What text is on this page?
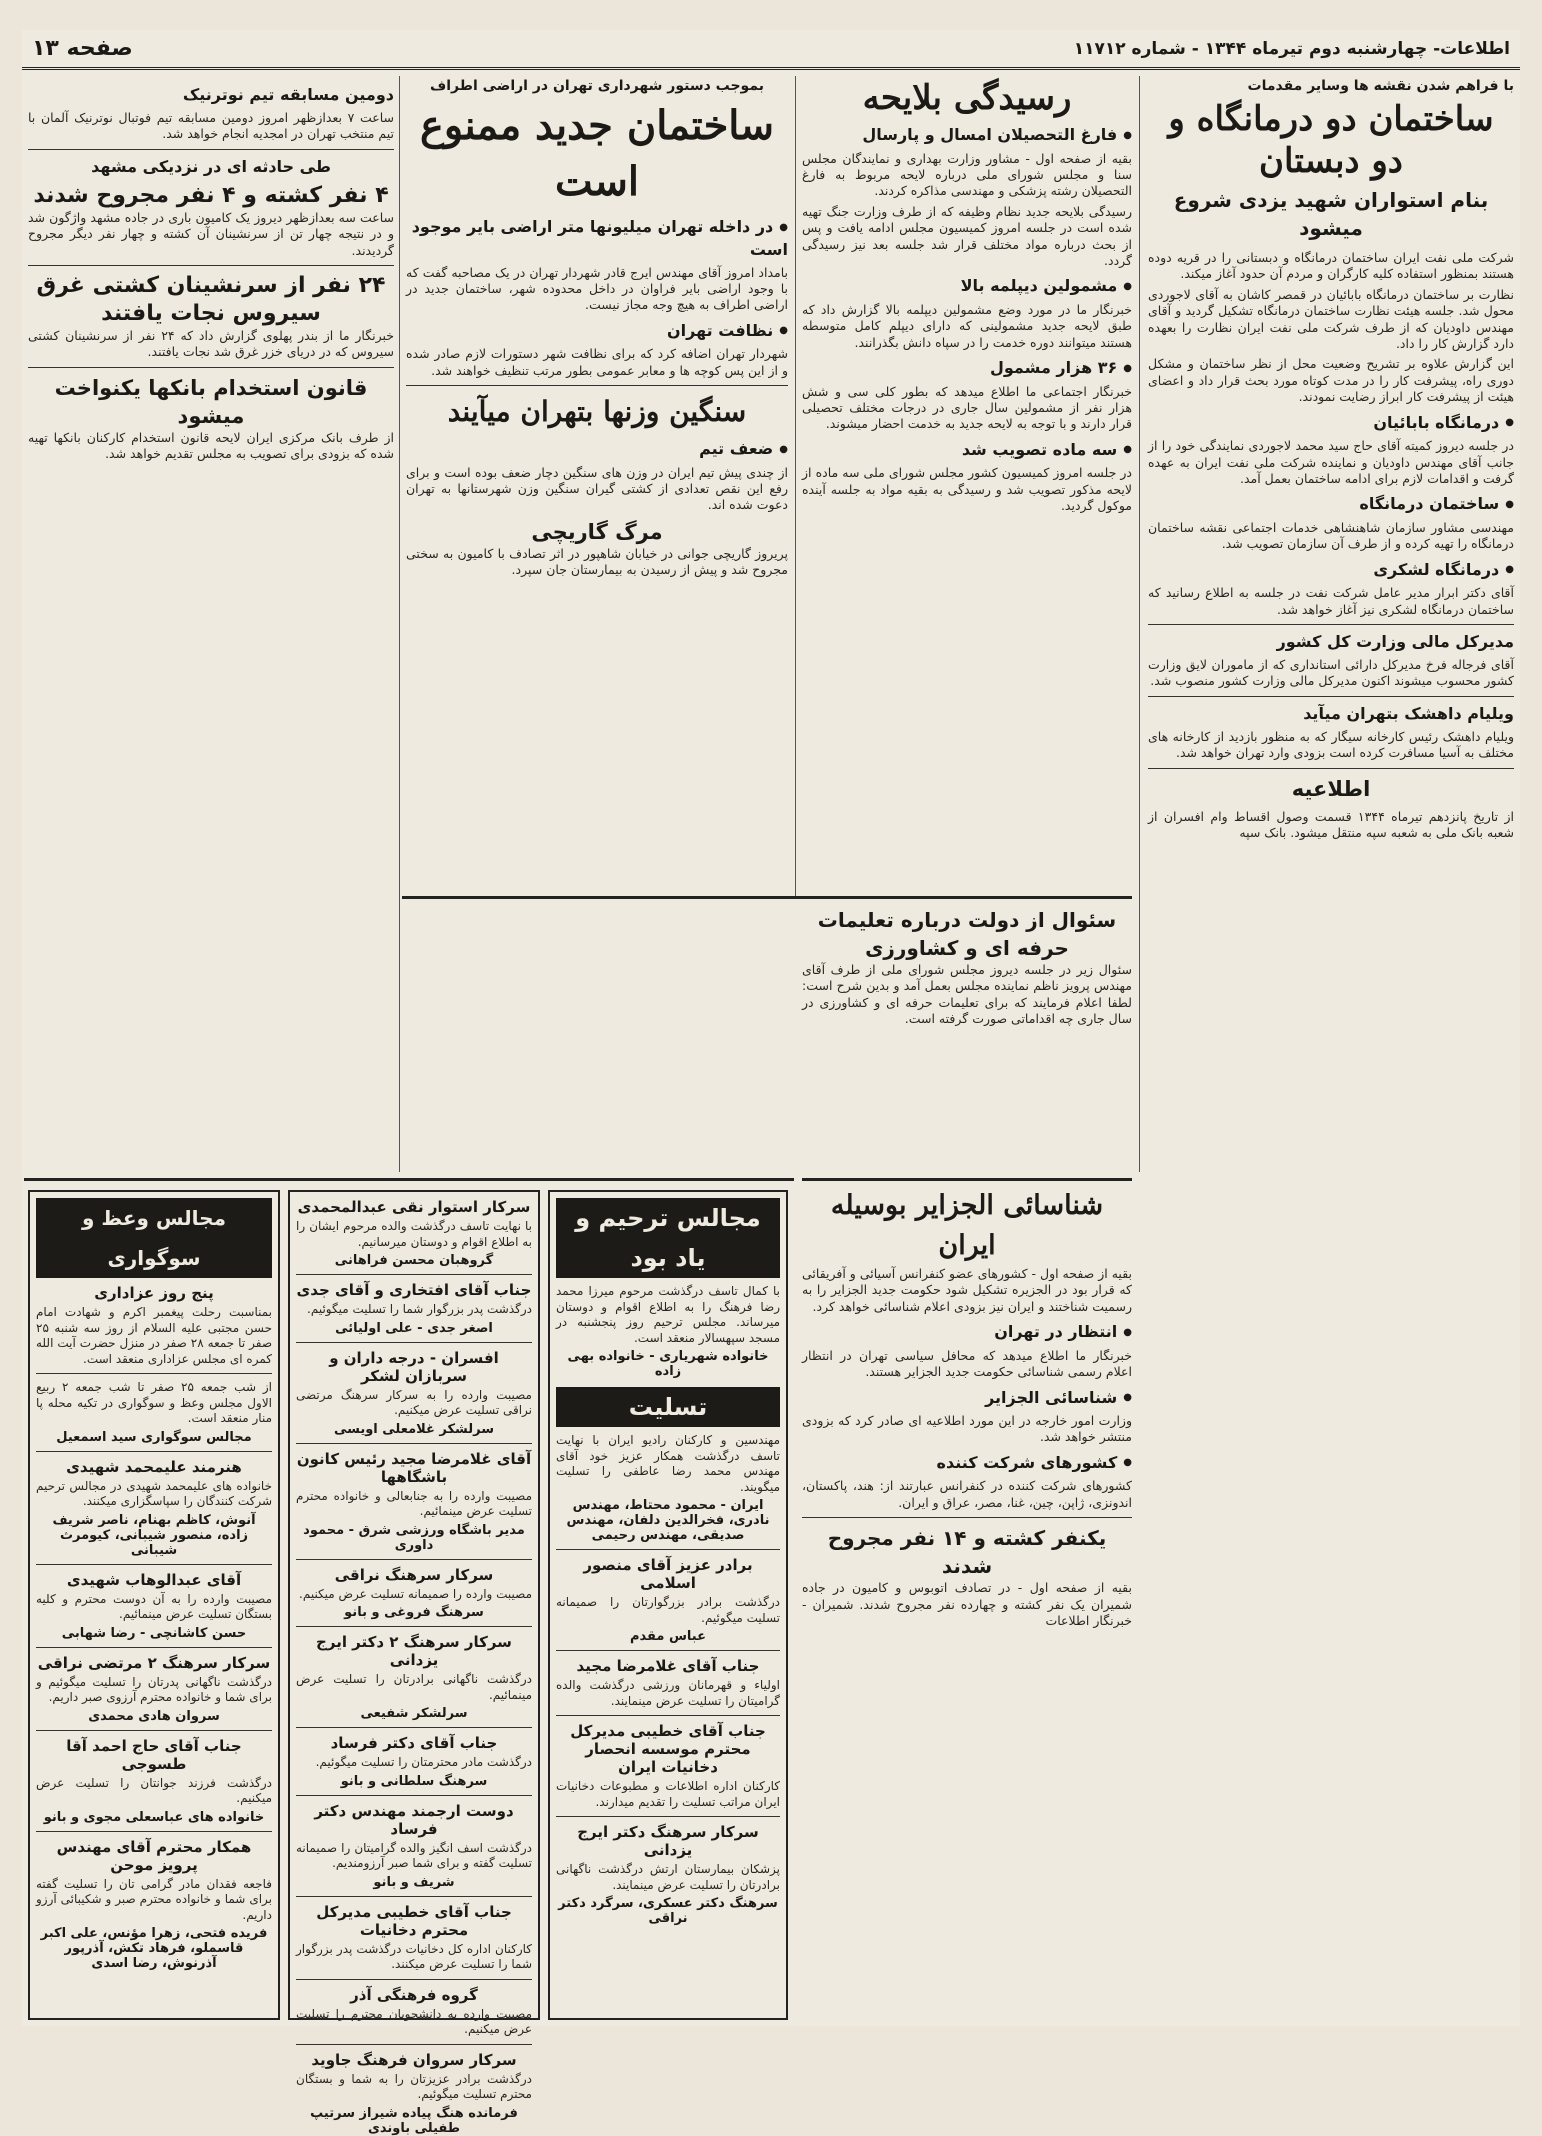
اطلاعات- چهارشنبه دوم تیرماه ۱۳۴۴ - شماره ۱۱۷۱۲
صفحه ۱۳
با فراهم شدن نقشه ها وسایر مقدمات
ساختمان دو درمانگاه و دو دبستان
بنام استواران شهید یزدی شروع میشود

شرکت ملی نفت ایران ساختمان درمانگاه و دبستانی را در قریه دوده هستند بمنظور استفاده کلیه کارگران و مردم آن حدود آغاز میکند.

نظارت بر ساختمان درمانگاه بابائیان در قمصر کاشان به آقای لاجوردی محول شد. جلسه هیئت نظارت ساختمان درمانگاه تشکیل گردید و آقای مهندس داودیان که از طرف شرکت ملی نفت ایران نظارت را بعهده دارد گزارش کار را داد.

این گزارش علاوه بر تشریح وضعیت محل از نظر ساختمان و مشکل دوری راه، پیشرفت کار را در مدت کوتاه مورد بحث قرار داد و اعضای هیئت از پیشرفت کار ابراز رضایت نمودند.

● درمانگاه بابائیان

در جلسه دیروز کمیته آقای حاج سید محمد لاجوردی نمایندگی خود را از جانب آقای مهندس داودیان و نماینده شرکت ملی نفت ایران به عهده گرفت و اقدامات لازم برای ادامه ساختمان بعمل آمد.

● ساختمان درمانگاه

مهندسی مشاور سازمان شاهنشاهی خدمات اجتماعی نقشه ساختمان درمانگاه را تهیه کرده و از طرف آن سازمان تصویب شد.

● درمانگاه لشکری

آقای دکتر ابرار مدیر عامل شرکت نفت در جلسه به اطلاع رسانید که ساختمان درمانگاه لشکری نیز آغاز خواهد شد.

مدیرکل مالی وزارت کل کشور

آقای فرجاله فرخ مدیرکل دارائی استانداری که از ماموران لایق وزارت کشور محسوب میشوند اکنون مدیرکل مالی وزارت کشور منصوب شد.

ویلیام داهشک بتهران میآید

ویلیام داهشک رئیس کارخانه سیگار که به منظور بازدید از کارخانه های مختلف به آسیا مسافرت کرده است بزودی وارد تهران خواهد شد.

اطلاعیه

از تاریخ پانزدهم تیرماه ۱۳۴۴ قسمت وصول اقساط وام افسران از شعبه بانک ملی به شعبه سپه منتقل میشود. بانک سپه

رسیدگی بلایحه
● فارغ التحصیلان امسال و پارسال

بقیه از صفحه اول - مشاور وزارت بهداری و نمایندگان مجلس سنا و مجلس شورای ملی درباره لایحه مربوط به فارغ التحصیلان رشته پزشکی و مهندسی مذاکره کردند.

رسیدگی بلایحه جدید نظام وظیفه که از طرف وزارت جنگ تهیه شده است در جلسه امروز کمیسیون مجلس ادامه یافت و پس از بحث درباره مواد مختلف قرار شد جلسه بعد نیز رسیدگی گردد.

● مشمولین دیپلمه بالا

خبرنگار ما در مورد وضع مشمولین دیپلمه بالا گزارش داد که طبق لایحه جدید مشمولینی که دارای دیپلم کامل متوسطه هستند میتوانند دوره خدمت را در سپاه دانش بگذرانند.

● ۳۶ هزار مشمول

خبرنگار اجتماعی ما اطلاع میدهد که بطور کلی سی و شش هزار نفر از مشمولین سال جاری در درجات مختلف تحصیلی قرار دارند و با توجه به لایحه جدید به خدمت احضار میشوند.

● سه ماده تصویب شد

در جلسه امروز کمیسیون کشور مجلس شورای ملی سه ماده از لایحه مذکور تصویب شد و رسیدگی به بقیه مواد به جلسه آینده موکول گردید.

بموجب دستور شهرداری تهران در اراضی اطراف
ساختمان جدید ممنوع است
● در داخله تهران میلیونها متر اراضی بایر موجود است

بامداد امروز آقای مهندس ایرج قادر شهردار تهران در یک مصاحبه گفت که با وجود اراضی بایر فراوان در داخل محدوده شهر، ساختمان جدید در اراضی اطراف به هیچ وجه مجاز نیست.

● نظافت تهران

شهردار تهران اضافه کرد که برای نظافت شهر دستورات لازم صادر شده و از این پس کوچه ها و معابر عمومی بطور مرتب تنظیف خواهند شد.

سنگین وزنها بتهران میآیند
● ضعف تیم

از چندی پیش تیم ایران در وزن های سنگین دچار ضعف بوده است و برای رفع این نقص تعدادی از کشتی گیران سنگین وزن شهرستانها به تهران دعوت شده اند.

مرگ گاریچی

پریروز گاریچی جوانی در خیابان شاهپور در اثر تصادف با کامیون به سختی مجروح شد و پیش از رسیدن به بیمارستان جان سپرد.

دومین مسابقه تیم نوترنیک

ساعت ۷ بعدازظهر امروز دومین مسابقه تیم فوتبال نوترنیک آلمان با تیم منتخب تهران در امجدیه انجام خواهد شد.

طی حادثه ای در نزدیکی مشهد
۴ نفر کشته و ۴ نفر مجروح شدند

ساعت سه بعدازظهر دیروز یک کامیون باری در جاده مشهد واژگون شد و در نتیجه چهار تن از سرنشینان آن کشته و چهار نفر دیگر مجروح گردیدند.

۲۴ نفر از سرنشینان کشتی غرق سیروس نجات یافتند

خبرنگار ما از بندر پهلوی گزارش داد که ۲۴ نفر از سرنشینان کشتی سیروس که در دریای خزر غرق شد نجات یافتند.

قانون استخدام بانکها یکنواخت میشود

از طرف بانک مرکزی ایران لایحه قانون استخدام کارکنان بانکها تهیه شده که بزودی برای تصویب به مجلس تقدیم خواهد شد.

سئوال از دولت درباره تعلیمات حرفه ای و کشاورزی

سئوال زیر در جلسه دیروز مجلس شورای ملی از طرف آقای مهندس پرویز ناظم نماینده مجلس بعمل آمد و بدین شرح است: لطفا اعلام فرمایند که برای تعلیمات حرفه ای و کشاورزی در سال جاری چه اقداماتی صورت گرفته است.

شناسائی الجزایر بوسیله ایران

بقیه از صفحه اول - کشورهای عضو کنفرانس آسیائی و آفریقائی که قرار بود در الجزیره تشکیل شود حکومت جدید الجزایر را به رسمیت شناختند و ایران نیز بزودی اعلام شناسائی خواهد کرد.

● انتظار در تهران

خبرنگار ما اطلاع میدهد که محافل سیاسی تهران در انتظار اعلام رسمی شناسائی حکومت جدید الجزایر هستند.

● شناسائی الجزایر

وزارت امور خارجه در این مورد اطلاعیه ای صادر کرد که بزودی منتشر خواهد شد.

● کشورهای شرکت کننده

کشورهای شرکت کننده در کنفرانس عبارتند از: هند، پاکستان، اندونزی، ژاپن، چین، غنا، مصر، عراق و ایران.

یکنفر کشته و ۱۴ نفر مجروح شدند

بقیه از صفحه اول - در تصادف اتوبوس و کامیون در جاده شمیران یک نفر کشته و چهارده نفر مجروح شدند. شمیران - خبرنگار اطلاعات

مجالس ترحیم و یاد بود
با کمال تاسف درگذشت مرحوم میرزا محمد رضا فرهنگ را به اطلاع اقوام و دوستان میرساند. مجلس ترحیم روز پنجشنبه در مسجد سپهسالار منعقد است.
خانواده شهریاری - خانواده بهی زاده
تسلیت
مهندسین و کارکنان رادیو ایران با نهایت تاسف درگذشت همکار عزیز خود آقای مهندس محمد رضا عاطفی را تسلیت میگویند.
ایران - محمود محتاط، مهندس نادری، فخرالدین دلفان، مهندس صدیقی، مهندس رحیمی
برادر عزیز آقای منصور اسلامی
درگذشت برادر بزرگوارتان را صمیمانه تسلیت میگوئیم.
عباس مقدم
جناب آقای غلامرضا مجید
اولیاء و قهرمانان ورزشی درگذشت والده گرامیتان را تسلیت عرض مینمایند.
جناب آقای خطیبی مدیرکل محترم موسسه انحصار دخانیات ایران
کارکنان اداره اطلاعات و مطبوعات دخانیات ایران مراتب تسلیت را تقدیم میدارند.
سرکار سرهنگ دکتر ایرج یزدانی
پزشکان بیمارستان ارتش درگذشت ناگهانی برادرتان را تسلیت عرض مینمایند.
سرهنگ دکتر عسکری، سرگرد دکتر نراقی
سرکار استوار نقی عبدالمحمدی
با نهایت تاسف درگذشت والده مرحوم ایشان را به اطلاع اقوام و دوستان میرسانیم.
گروهبان محسن فراهانی
جناب آقای افتخاری و آقای جدی
درگذشت پدر بزرگوار شما را تسلیت میگوئیم.
اصغر جدی - علی اولیائی
افسران - درجه داران و سربازان لشکر
مصیبت وارده را به سرکار سرهنگ مرتضی نراقی تسلیت عرض میکنیم.
سرلشکر غلامعلی اویسی
آقای غلامرضا مجید رئیس کانون باشگاهها
مصیبت وارده را به جنابعالی و خانواده محترم تسلیت عرض مینمائیم.
مدیر باشگاه ورزشی شرق - محمود داوری
سرکار سرهنگ نراقی
مصیبت وارده را صمیمانه تسلیت عرض میکنیم.
سرهنگ فروغی و بانو
سرکار سرهنگ ۲ دکتر ایرج یزدانی
درگذشت ناگهانی برادرتان را تسلیت عرض مینمائیم.
سرلشکر شفیعی
جناب آقای دکتر فرساد
درگذشت مادر محترمتان را تسلیت میگوئیم.
سرهنگ سلطانی و بانو
دوست ارجمند مهندس دکتر فرساد
درگذشت اسف انگیز والده گرامیتان را صمیمانه تسلیت گفته و برای شما صبر آرزومندیم.
شریف و بانو
جناب آقای خطیبی مدیرکل محترم دخانیات
کارکنان اداره کل دخانیات درگذشت پدر بزرگوار شما را تسلیت عرض میکنند.
گروه فرهنگی آذر
مصیبت وارده به دانشجویان محترم را تسلیت عرض میکنیم.
سرکار سروان فرهنگ جاوید
درگذشت برادر عزیزتان را به شما و بستگان محترم تسلیت میگوئیم.
فرمانده هنگ پیاده شیراز سرتیپ طفیلی باوندی
مجالس وعظ و سوگواری
پنج روز عزاداری
بمناسبت رحلت پیغمبر اکرم و شهادت امام حسن مجتبی علیه السلام از روز سه شنبه ۲۵ صفر تا جمعه ۲۸ صفر در منزل حضرت آیت الله کمره ای مجلس عزاداری منعقد است.
از شب جمعه ۲۵ صفر تا شب جمعه ۲ ربیع الاول مجلس وعظ و سوگواری در تکیه محله پا منار منعقد است.
مجالس سوگواری سید اسمعیل
هنرمند علیمحمد شهیدی
خانواده های علیمحمد شهیدی در مجالس ترحیم شرکت کنندگان را سپاسگزاری میکنند.
آنوش، کاظم بهنام، ناصر شریف زاده، منصور شیبانی، کیومرث شیبانی
آقای عبدالوهاب شهیدی
مصیبت وارده را به آن دوست محترم و کلیه بستگان تسلیت عرض مینمائیم.
حسن کاشانچی - رضا شهابی
سرکار سرهنگ ۲ مرتضی نراقی
درگذشت ناگهانی پدرتان را تسلیت میگوئیم و برای شما و خانواده محترم آرزوی صبر داریم.
سروان هادی محمدی
جناب آقای حاج احمد آقا طسوجی
درگذشت فرزند جوانتان را تسلیت عرض میکنیم.
خانواده های عباسعلی مجوی و بانو
همکار محترم آقای مهندس پرویز موحن
فاجعه فقدان مادر گرامی تان را تسلیت گفته برای شما و خانواده محترم صبر و شکیبائی آرزو داریم.
فریده فتحی، زهرا مؤنس، علی اکبر قاسملو، فرهاد تکش، آذرپور آذرنوش، رضا اسدی
